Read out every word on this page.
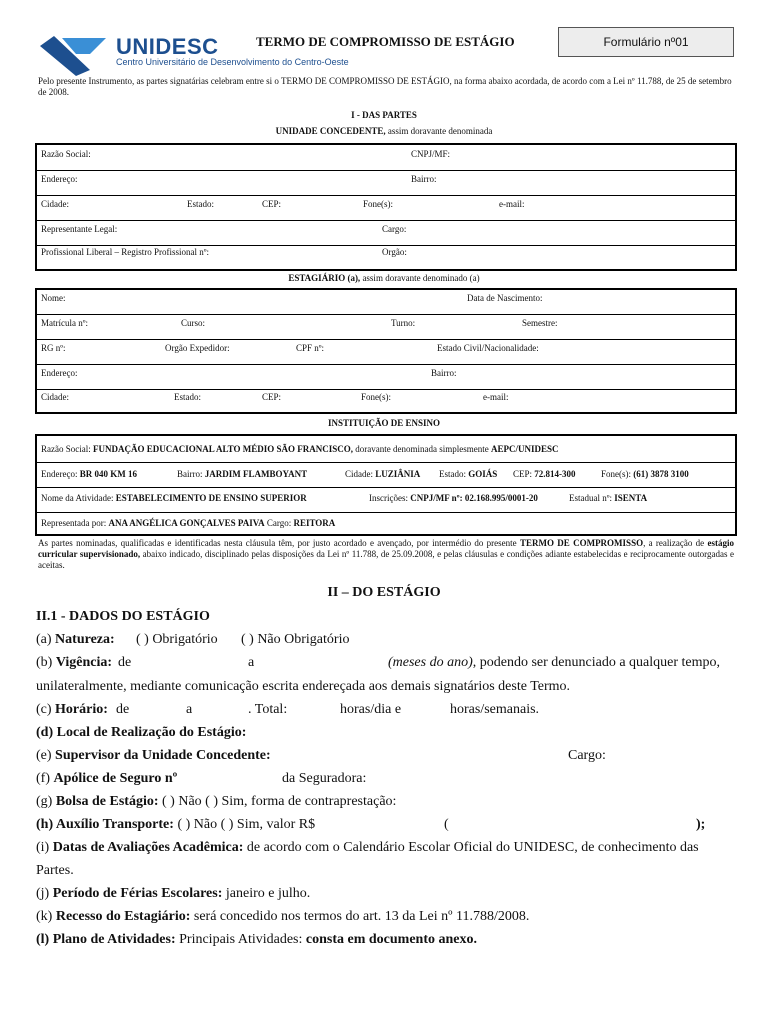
UNIDESC
Centro Universitário de Desenvolvimento do Centro-Oeste
TERMO DE COMPROMISSO DE ESTÁGIO	Formulário nº01
Pelo presente Instrumento, as partes signatárias celebram entre si o TERMO DE COMPROMISSO DE ESTÁGIO, na forma abaixo acordada, de acordo com a Lei nº 11.788, de 25 de setembro de 2008.
I - DAS PARTES
UNIDADE CONCEDENTE, assim doravante denominada
Razão Social:	CNPJ/MF:
Endereço:	Bairro:
Cidade:	Estado:	CEP:	Fone(s):	e-mail:
Representante Legal:	Cargo:
Profissional Liberal – Registro Profissional nº:	Orgão:
ESTAGIÁRIO (a), assim doravante denominado (a)
Nome:	Data de Nascimento:
Matrícula nº:	Curso:	Turno:	Semestre:
RG nº:	Orgão Expedidor:	CPF nº:	Estado Civil/Nacionalidade:
Endereço:	Bairro:
Cidade:	Estado:	CEP:	Fone(s):	e-mail:
INSTITUIÇÃO DE ENSINO
Razão Social: FUNDAÇÃO EDUCACIONAL ALTO MÉDIO SÃO FRANCISCO, doravante denominada simplesmente AEPC/UNIDESC
Endereço: BR 040 KM 16	Bairro: JARDIM FLAMBOYANT	Cidade: LUZIÂNIA Estado: GOIÁS CEP: 72.814-300	Fone(s): (61) 3878 3100
Nome da Atividade: ESTABELECIMENTO DE ENSINO SUPERIOR	Inscrições: CNPJ/MF nº: 02.168.995/0001-20	Estadual nº: ISENTA
Representada por: ANA ANGÉLICA GONÇALVES PAIVA Cargo: REITORA
As partes nominadas, qualificadas e identificadas nesta cláusula têm, por justo acordado e avençado, por intermédio do presente TERMO DE COMPROMISSO, a realização de estágio curricular supervisionado, abaixo indicado, disciplinado pelas disposições da Lei nº 11.788, de 25.09.2008, e pelas cláusulas e condições adiante estabelecidas e reciprocamente outorgadas e aceitas.
II – DO ESTÁGIO
II.1 - DADOS DO ESTÁGIO
(a) Natureza: ( ) Obrigatório ( ) Não Obrigatório
(b) Vigência: de	a	(meses do ano), podendo ser denunciado a qualquer tempo,
unilateralmente, mediante comunicação escrita endereçada aos demais signatários deste Termo.
(c) Horário: de	a	. Total:	horas/dia e	horas/semanais.
(d) Local de Realização do Estágio:
(e) Supervisor da Unidade Concedente:	Cargo:
(f) Apólice de Seguro nº	da Seguradora:
(g) Bolsa de Estágio: ( ) Não ( ) Sim, forma de contraprestação:
(h) Auxílio Transporte: ( ) Não ( ) Sim, valor R$	(	);
(i) Datas de Avaliações Acadêmica: de acordo com o Calendário Escolar Oficial do UNIDESC, de conhecimento das
Partes.
(j) Período de Férias Escolares: janeiro e julho.
(k) Recesso do Estagiário: será concedido nos termos do art. 13 da Lei nº 11.788/2008.
(l) Plano de Atividades: Principais Atividades: consta em documento anexo.
